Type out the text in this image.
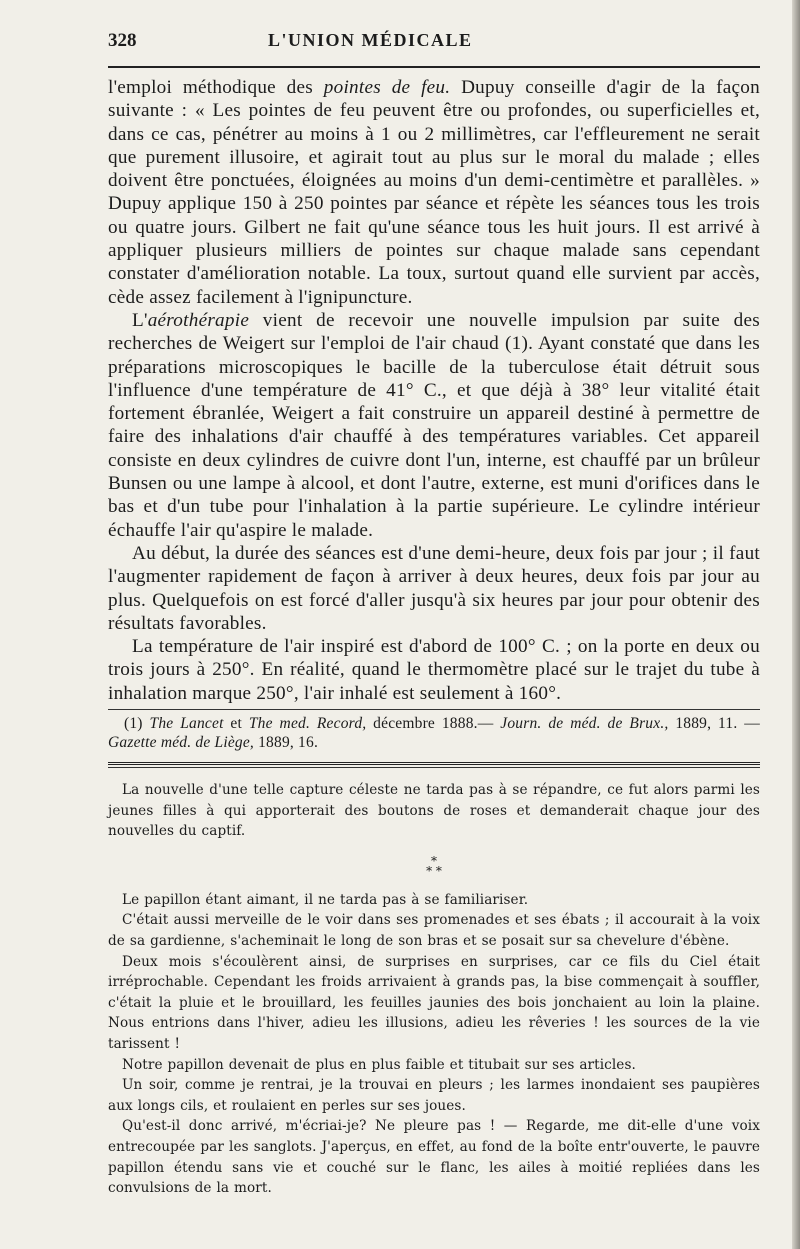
328	L'UNION MÉDICALE

l'emploi méthodique des pointes de feu. Dupuy conseille d'agir de la façon suivante : « Les pointes de feu peuvent être ou profondes, ou superficielles et, dans ce cas, pénétrer au moins à 1 ou 2 millimètres, car l'effleurement ne serait que purement illusoire, et agirait tout au plus sur le moral du malade ; elles doivent être ponctuées, éloignées au moins d'un demi-centimètre et parallèles. » Dupuy applique 150 à 250 pointes par séance et répète les séances tous les trois ou quatre jours. Gilbert ne fait qu'une séance tous les huit jours. Il est arrivé à appliquer plusieurs milliers de pointes sur chaque malade sans cependant constater d'amélioration notable. La toux, surtout quand elle survient par accès, cède assez facilement à l'ignipuncture.

L'aérothérapie vient de recevoir une nouvelle impulsion par suite des recherches de Weigert sur l'emploi de l'air chaud (1). Ayant constaté que dans les préparations microscopiques le bacille de la tuberculose était détruit sous l'influence d'une température de 41° C., et que déjà à 38° leur vitalité était fortement ébranlée, Weigert a fait construire un appareil destiné à permettre de faire des inhalations d'air chauffé à des températures variables. Cet appareil consiste en deux cylindres de cuivre dont l'un, interne, est chauffé par un brûleur Bunsen ou une lampe à alcool, et dont l'autre, externe, est muni d'orifices dans le bas et d'un tube pour l'inhalation à la partie supérieure. Le cylindre intérieur échauffe l'air qu'aspire le malade.

Au début, la durée des séances est d'une demi-heure, deux fois par jour ; il faut l'augmenter rapidement de façon à arriver à deux heures, deux fois par jour au plus. Quelquefois on est forcé d'aller jusqu'à six heures par jour pour obtenir des résultats favorables.

La température de l'air inspiré est d'abord de 100° C. ; on la porte en deux ou trois jours à 250°. En réalité, quand le thermomètre placé sur le trajet du tube à inhalation marque 250°, l'air inhalé est seulement à 160°.

(1) The Lancet et The med. Record, décembre 1888.— Journ. de méd. de Brux., 1889, 11. — Gazette méd. de Liège, 1889, 16.

La nouvelle d'une telle capture céleste ne tarda pas à se répandre, ce fut alors parmi les jeunes filles à qui apporterait des boutons de roses et demanderait chaque jour des nouvelles du captif.

*
* *

Le papillon étant aimant, il ne tarda pas à se familiariser.

C'était aussi merveille de le voir dans ses promenades et ses ébats ; il accourait à la voix de sa gardienne, s'acheminait le long de son bras et se posait sur sa chevelure d'ébène.

Deux mois s'écoulèrent ainsi, de surprises en surprises, car ce fils du Ciel était irréprochable. Cependant les froids arrivaient à grands pas, la bise commençait à souffler, c'était la pluie et le brouillard, les feuilles jaunies des bois jonchaient au loin la plaine. Nous entrions dans l'hiver, adieu les illusions, adieu les rêveries ! les sources de la vie tarissent !

Notre papillon devenait de plus en plus faible et titubait sur ses articles.

Un soir, comme je rentrai, je la trouvai en pleurs ; les larmes inondaient ses paupières aux longs cils, et roulaient en perles sur ses joues.

Qu'est-il donc arrivé, m'écriai-je? Ne pleure pas ! — Regarde, me dit-elle d'une voix entrecoupée par les sanglots. J'aperçus, en effet, au fond de la boîte entr'ouverte, le pauvre papillon étendu sans vie et couché sur le flanc, les ailes à moitié repliées dans les convulsions de la mort.
